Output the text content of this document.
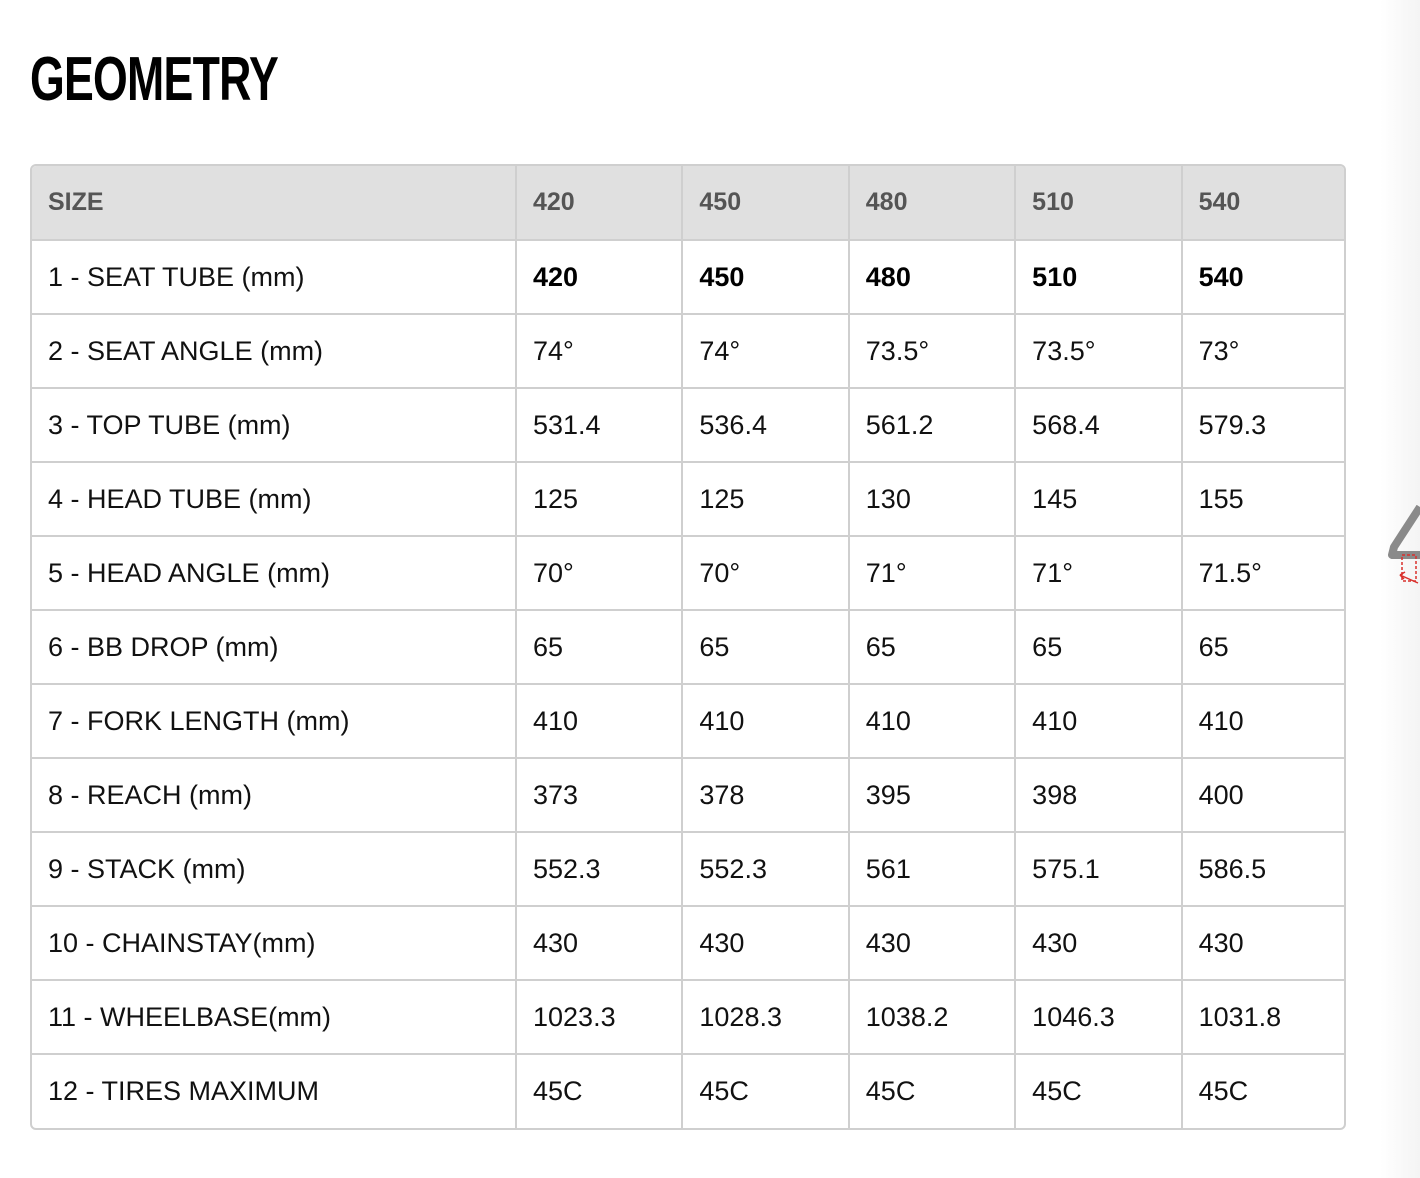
GEOMETRY
SIZE	420	450	480	510	540
1 - SEAT TUBE (mm)	420	450	480	510	540
2 - SEAT ANGLE (mm)	74°	74°	73.5°	73.5°	73°
3 - TOP TUBE (mm)	531.4	536.4	561.2	568.4	579.3
4 - HEAD TUBE (mm)	125	125	130	145	155
5 - HEAD ANGLE (mm)	70°	70°	71°	71°	71.5°
6 - BB DROP (mm)	65	65	65	65	65
7 - FORK LENGTH (mm)	410	410	410	410	410
8 - REACH (mm)	373	378	395	398	400
9 - STACK (mm)	552.3	552.3	561	575.1	586.5
10 - CHAINSTAY(mm)	430	430	430	430	430
11 - WHEELBASE(mm)	1023.3	1028.3	1038.2	1046.3	1031.8
12 - TIRES MAXIMUM	45C	45C	45C	45C	45C
